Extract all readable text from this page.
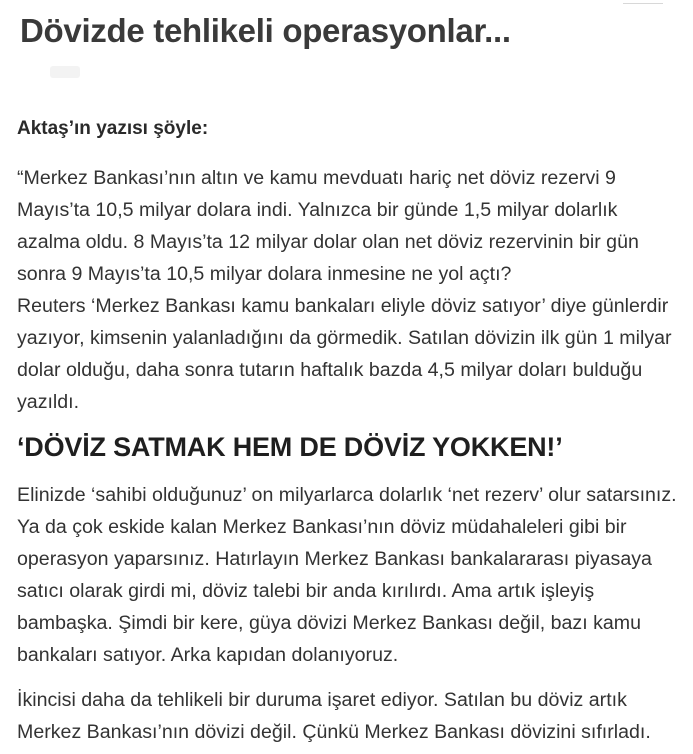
Dövizde tehlikeli operasyonlar...

Aktaş’ın yazısı şöyle:

“Merkez Bankası’nın altın ve kamu mevduatı hariç net döviz rezervi 9
Mayıs’ta 10,5 milyar dolara indi. Yalnızca bir günde 1,5 milyar dolarlık
azalma oldu. 8 Mayıs’ta 12 milyar dolar olan net döviz rezervinin bir gün
sonra 9 Mayıs’ta 10,5 milyar dolara inmesine ne yol açtı?

Reuters ‘Merkez Bankası kamu bankaları eliyle döviz satıyor’ diye günlerdir
yazıyor, kimsenin yalanladığını da görmedik. Satılan dövizin ilk gün 1 milyar
dolar olduğu, daha sonra tutarın haftalık bazda 4,5 milyar doları bulduğu
yazıldı.

‘DÖVİZ SATMAK HEM DE DÖVİZ YOKKEN!’

Elinizde ‘sahibi olduğunuz’ on milyarlarca dolarlık ‘net rezerv’ olur satarsınız.
Ya da çok eskide kalan Merkez Bankası’nın döviz müdahaleleri gibi bir
operasyon yaparsınız. Hatırlayın Merkez Bankası bankalararası piyasaya
satıcı olarak girdi mi, döviz talebi bir anda kırılırdı. Ama artık işleyiş
bambaşka. Şimdi bir kere, güya dövizi Merkez Bankası değil, bazı kamu
bankaları satıyor. Arka kapıdan dolanıyoruz.

İkincisi daha da tehlikeli bir duruma işaret ediyor. Satılan bu döviz artık
Merkez Bankası’nın dövizi değil. Çünkü Merkez Bankası dövizini sıfırladı.
